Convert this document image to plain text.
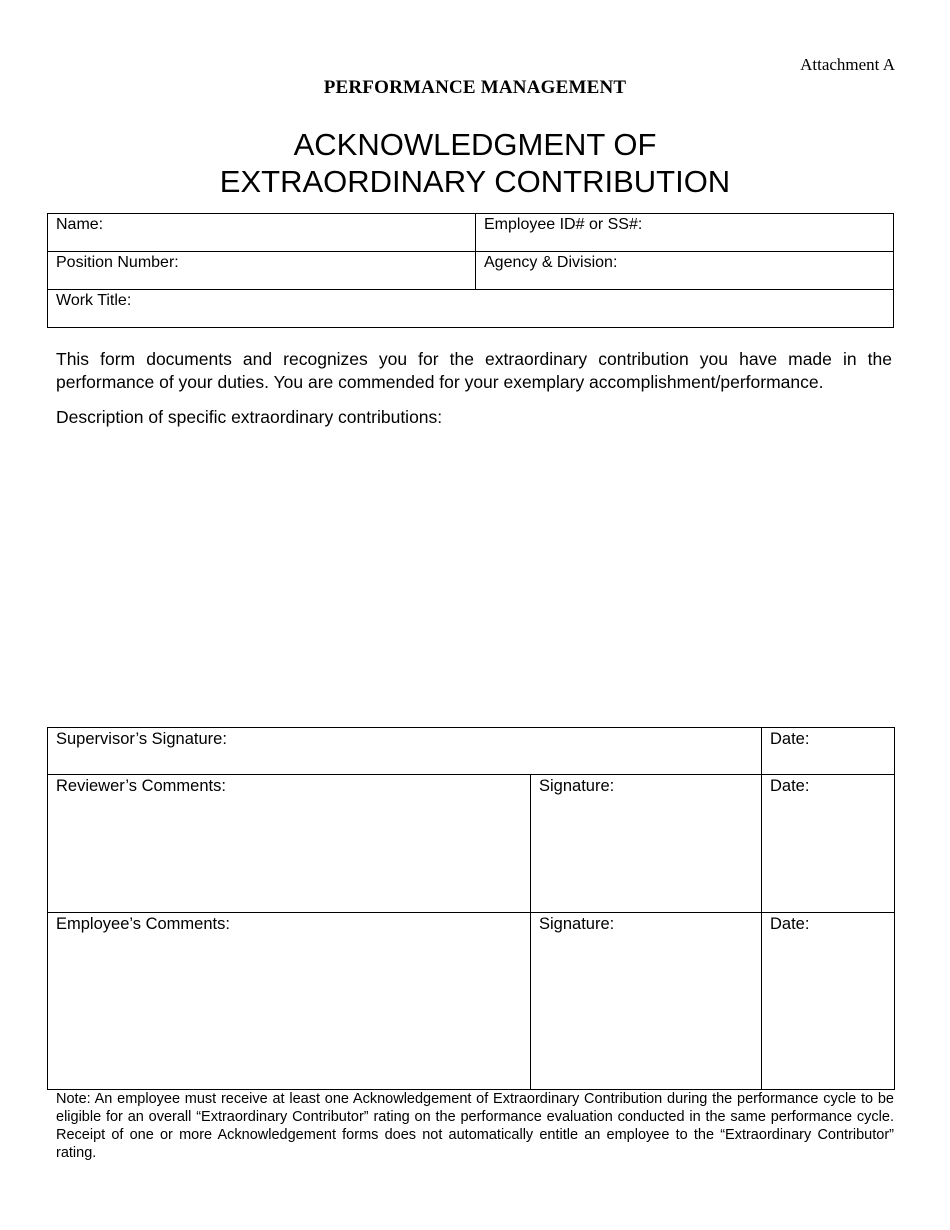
Attachment A
PERFORMANCE MANAGEMENT
ACKNOWLEDGMENT OF
EXTRAORDINARY CONTRIBUTION
Name:	Employee ID# or SS#:
Position Number:	Agency & Division:
Work Title:	
This form documents and recognizes you for the extraordinary contribution you have made in the performance of your duties. You are commended for your exemplary accomplishment/performance.
Description of specific extraordinary contributions:
Supervisor’s Signature:		Date:
Reviewer’s Comments:	Signature:	Date:
Employee’s Comments:	Signature:	Date:
Note: An employee must receive at least one Acknowledgement of Extraordinary Contribution during the performance cycle to be eligible for an overall “Extraordinary Contributor” rating on the performance evaluation conducted in the same performance cycle. Receipt of one or more Acknowledgement forms does not automatically entitle an employee to the “Extraordinary Contributor” rating.
